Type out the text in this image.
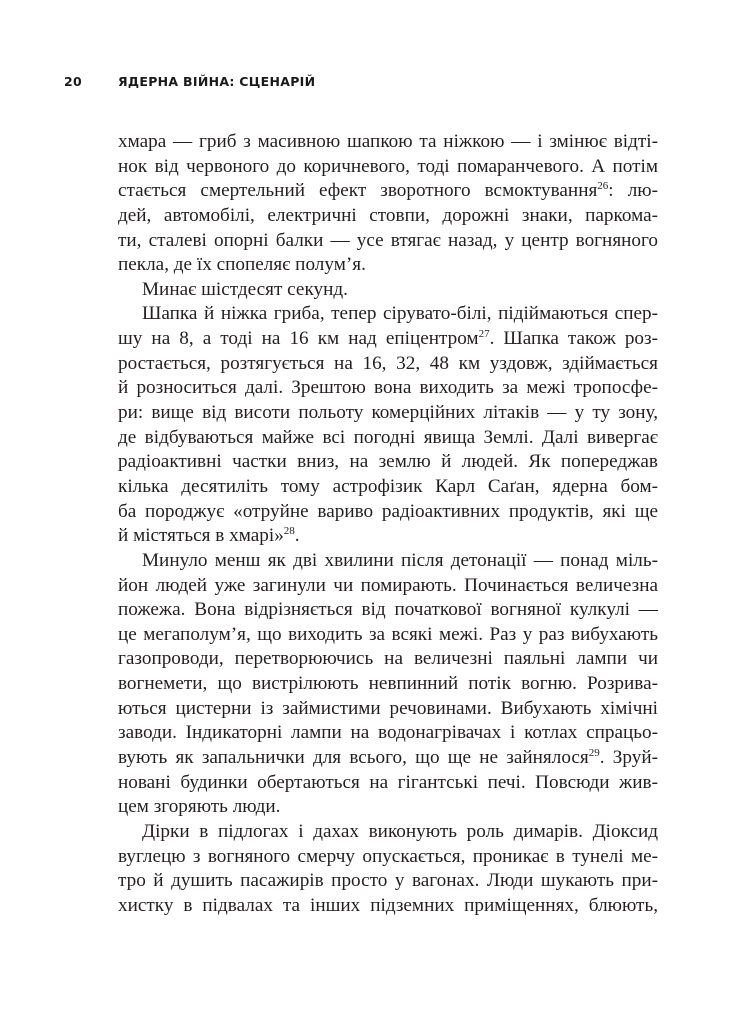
20	ЯДЕРНА ВІЙНА: СЦЕНАРІЙ
хмара — гриб з масивною шапкою та ніжкою — і змінює відті-
нок від червоного до коричневого, тоді помаранчевого. А потім
стається смертельний ефект зворотного всмоктування$^{26}$: лю-
дей, автомобілі, електричні стовпи, дорожні знаки, паркома-
ти, сталеві опорні балки — усе втягає назад, у центр вогняного
пекла, де їх спопеляє полум’я.
Минає шістдесят секунд.
Шапка й ніжка гриба, тепер сірувато-білі, підіймаються спер-
шу на 8, а тоді на 16 км над епіцентром$^{27}$. Шапка також роз-
ростається, розтягується на 16, 32, 48 км уздовж, здіймається
й розноситься далі. Зрештою вона виходить за межі тропосфе-
ри: вище від висоти польоту комерційних літаків — у ту зону,
де відбуваються майже всі погодні явища Землі. Далі вивергає
радіоактивні частки вниз, на землю й людей. Як попереджав
кілька десятиліть тому астрофізик Карл Саґан, ядерна бом-
ба породжує «отруйне вариво радіоактивних продуктів, які ще
й містяться в хмарі»$^{28}$.
Минуло менш як дві хвилини після детонації — понад міль-
йон людей уже загинули чи помирають. Починається величезна
пожежа. Вона відрізняється від початкової вогняної кулкулі —
це мегаполум’я, що виходить за всякі межі. Раз у раз вибухають
газопроводи, перетворюючись на величезні паяльні лампи чи
вогнемети, що вистрілюють невпинний потік вогню. Розрива-
ються цистерни із займистими речовинами. Вибухають хімічні
заводи. Індикаторні лампи на водонагрівачах і котлах спрацьо-
вують як запальнички для всього, що ще не зайнялося$^{29}$. Зруй-
новані будинки обертаються на гігантські печі. Повсюди жив-
цем згоряють люди.
Дірки в підлогах і дахах виконують роль димарів. Діоксид
вуглецю з вогняного смерчу опускається, проникає в тунелі ме-
тро й душить пасажирів просто у вагонах. Люди шукають при-
хистку в підвалах та інших підземних приміщеннях, блюють,
